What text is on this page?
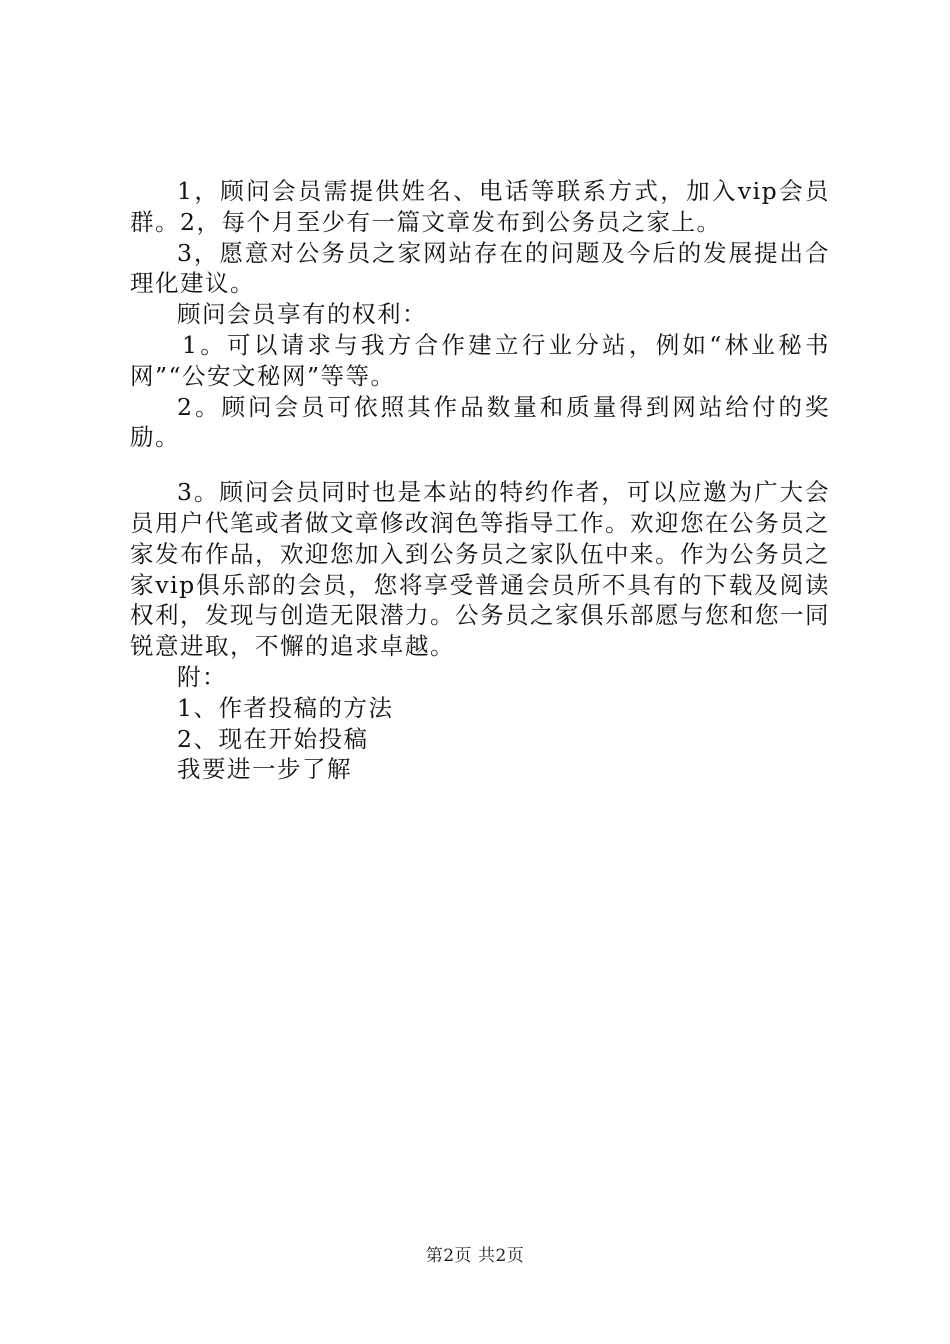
1，顾问会员需提供姓名、电话等联系方式，加入vip会员群。2，每个月至少有一篇文章发布到公务员之家上。

3，愿意对公务员之家网站存在的问题及今后的发展提出合理化建议。

顾问会员享有的权利：

1。可以请求与我方合作建立行业分站，例如“林业秘书网”“公安文秘网”等等。

2。顾问会员可依照其作品数量和质量得到网站给付的奖励。

3。顾问会员同时也是本站的特约作者，可以应邀为广大会员用户代笔或者做文章修改润色等指导工作。欢迎您在公务员之家发布作品，欢迎您加入到公务员之家队伍中来。作为公务员之家vip俱乐部的会员，您将享受普通会员所不具有的下载及阅读权利，发现与创造无限潜力。公务员之家俱乐部愿与您和您一同锐意进取，不懈的追求卓越。

附：

1、作者投稿的方法

2、现在开始投稿

我要进一步了解

第2页 共2页
